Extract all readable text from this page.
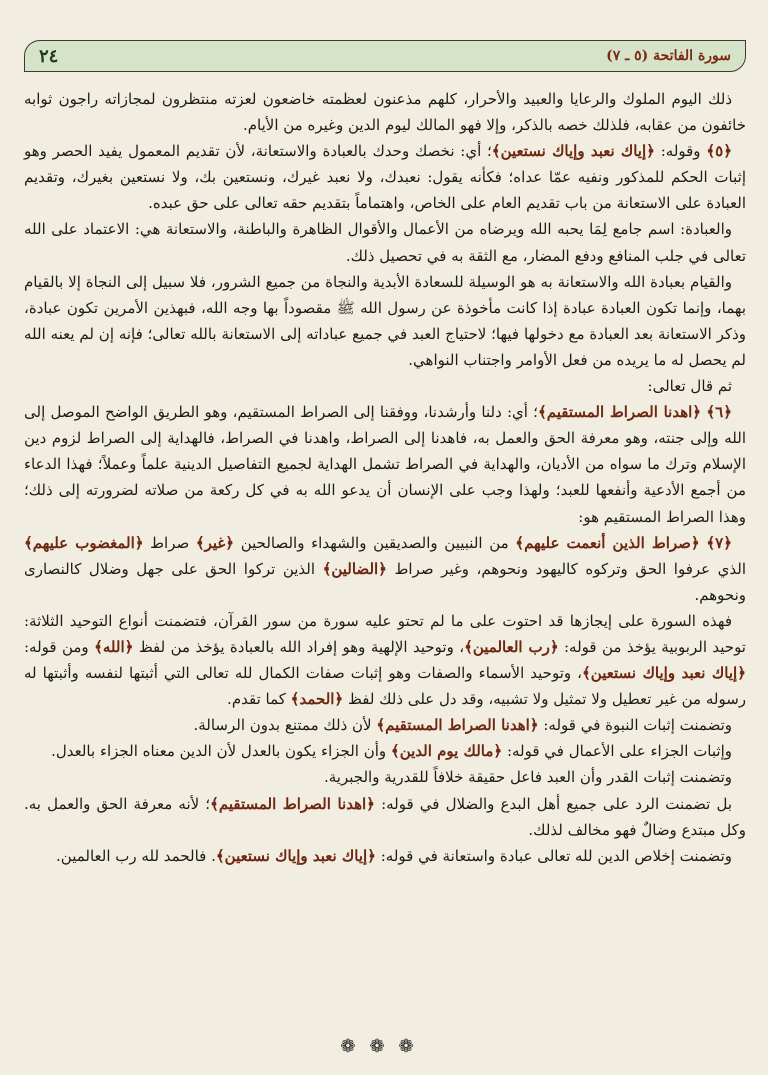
٢٤	سورة الفاتحة (٥ ـ ٧)

ذلك اليوم الملوك والرعايا والعبيد والأحرار، كلهم مذعنون لعظمته خاضعون لعزته منتظرون لمجازاته راجون ثوابه خائفون من عقابه، فلذلك خصه بالذكر، وإلا فهو المالك ليوم الدين وغيره من الأيام.

﴿٥﴾ وقوله: ﴿إياك نعبد وإياك نستعين﴾؛ أي: نخصك وحدك بالعبادة والاستعانة، لأن تقديم المعمول يفيد الحصر وهو إثبات الحكم للمذكور ونفيه عمّا عداه؛ فكأنه يقول: نعبدك، ولا نعبد غيرك، ونستعين بك، ولا نستعين بغيرك، وتقديم العبادة على الاستعانة من باب تقديم العام على الخاص، واهتماماً بتقديم حقه تعالى على حق عبده.

والعبادة: اسم جامع لِمَا يحبه الله ويرضاه من الأعمال والأقوال الظاهرة والباطنة، والاستعانة هي: الاعتماد على الله تعالى في جلب المنافع ودفع المضار، مع الثقة به في تحصيل ذلك.

والقيام بعبادة الله والاستعانة به هو الوسيلة للسعادة الأبدية والنجاة من جميع الشرور، فلا سبيل إلى النجاة إلا بالقيام بهما، وإنما تكون العبادة عبادة إذا كانت مأخوذة عن رسول الله ﷺ مقصوداً بها وجه الله، فبهذين الأمرين تكون عبادة، وذكر الاستعانة بعد العبادة مع دخولها فيها؛ لاحتياج العبد في جميع عباداته إلى الاستعانة بالله تعالى؛ فإنه إن لم يعنه الله لم يحصل له ما يريده من فعل الأوامر واجتناب النواهي.

ثم قال تعالى:

﴿٦﴾ ﴿اهدنا الصراط المستقيم﴾؛ أي: دلنا وأرشدنا، ووفقنا إلى الصراط المستقيم، وهو الطريق الواضح الموصل إلى الله وإلى جنته، وهو معرفة الحق والعمل به، فاهدنا إلى الصراط، واهدنا في الصراط، فالهداية إلى الصراط لزوم دين الإسلام وترك ما سواه من الأديان، والهداية في الصراط تشمل الهداية لجميع التفاصيل الدينية علماً وعملاً؛ فهذا الدعاء من أجمع الأدعية وأنفعها للعبد؛ ولهذا وجب على الإنسان أن يدعو الله به في كل ركعة من صلاته لضرورته إلى ذلك؛ وهذا الصراط المستقيم هو:

﴿٧﴾ ﴿صراط الذين أنعمت عليهم﴾ من النبيين والصديقين والشهداء والصالحين ﴿غير﴾ صراط ﴿المغضوب عليهم﴾ الذي عرفوا الحق وتركوه كاليهود ونحوهم، وغير صراط ﴿الضالين﴾ الذين تركوا الحق على جهل وضلال كالنصارى ونحوهم.

فهذه السورة على إيجازها قد احتوت على ما لم تحتو عليه سورة من سور القرآن، فتضمنت أنواع التوحيد الثلاثة: توحيد الربوبية يؤخذ من قوله: ﴿رب العالمين﴾، وتوحيد الإلهية وهو إفراد الله بالعبادة يؤخذ من لفظ ﴿الله﴾ ومن قوله: ﴿إياك نعبد وإياك نستعين﴾، وتوحيد الأسماء والصفات وهو إثبات صفات الكمال لله تعالى التي أثبتها لنفسه وأثبتها له رسوله من غير تعطيل ولا تمثيل ولا تشبيه، وقد دل على ذلك لفظ ﴿الحمد﴾ كما تقدم.

وتضمنت إثبات النبوة في قوله: ﴿اهدنا الصراط المستقيم﴾ لأن ذلك ممتنع بدون الرسالة.

وإثبات الجزاء على الأعمال في قوله: ﴿مالك يوم الدين﴾ وأن الجزاء يكون بالعدل لأن الدين معناه الجزاء بالعدل.

وتضمنت إثبات القدر وأن العبد فاعل حقيقة خلافاً للقدرية والجبرية.

بل تضمنت الرد على جميع أهل البدع والضلال في قوله: ﴿اهدنا الصراط المستقيم﴾؛ لأنه معرفة الحق والعمل به. وكل مبتدع وضالٌ فهو مخالف لذلك.

وتضمنت إخلاص الدين لله تعالى عبادة واستعانة في قوله: ﴿إياك نعبد وإياك نستعين﴾. فالحمد لله رب العالمين.

❁❁❁
